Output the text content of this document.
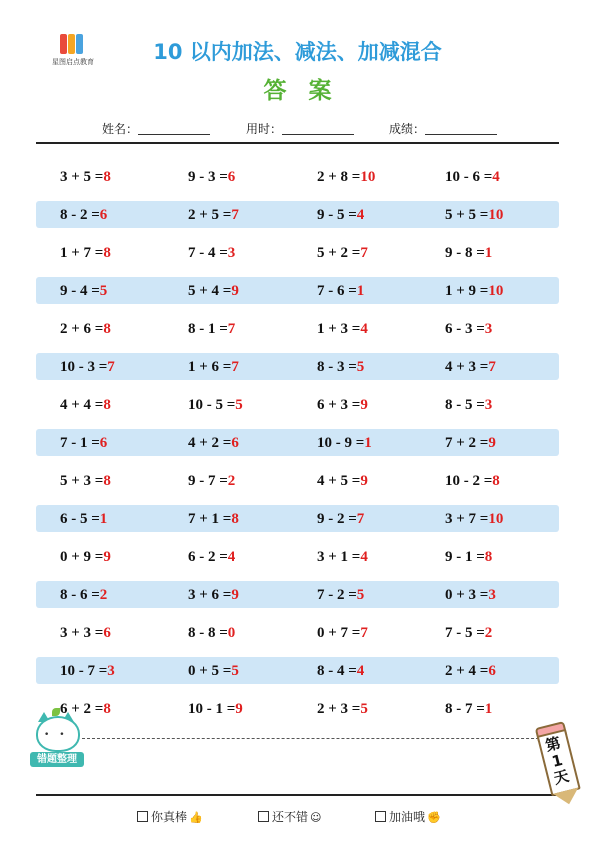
星图启点教育	10 以内加法、减法、加减混合
答案
姓名：	用时：	成绩：
3 + 5 =8	9 - 3 =6	2 + 8 =10	10 - 6 =4
8 - 2 =6	2 + 5 =7	9 - 5 =4	5 + 5 =10
1 + 7 =8	7 - 4 =3	5 + 2 =7	9 - 8 =1
9 - 4 =5	5 + 4 =9	7 - 6 =1	1 + 9 =10
2 + 6 =8	8 - 1 =7	1 + 3 =4	6 - 3 =3
10 - 3 =7	1 + 6 =7	8 - 3 =5	4 + 3 =7
4 + 4 =8	10 - 5 =5	6 + 3 =9	8 - 5 =3
7 - 1 =6	4 + 2 =6	10 - 9 =1	7 + 2 =9
5 + 3 =8	9 - 7 =2	4 + 5 =9	10 - 2 =8
6 - 5 =1	7 + 1 =8	9 - 2 =7	3 + 7 =10
0 + 9 =9	6 - 2 =4	3 + 1 =4	9 - 1 =8
8 - 6 =2	3 + 6 =9	7 - 2 =5	0 + 3 =3
3 + 3 =6	8 - 8 =0	0 + 7 =7	7 - 5 =2
10 - 7 =3	0 + 5 =5	8 - 4 =4	2 + 4 =6
6 + 2 =8	10 - 1 =9	2 + 3 =5	8 - 7 =1
••
错题整理
第1天
你真棒 👍	还不错 ☺	加油哦 ✊
